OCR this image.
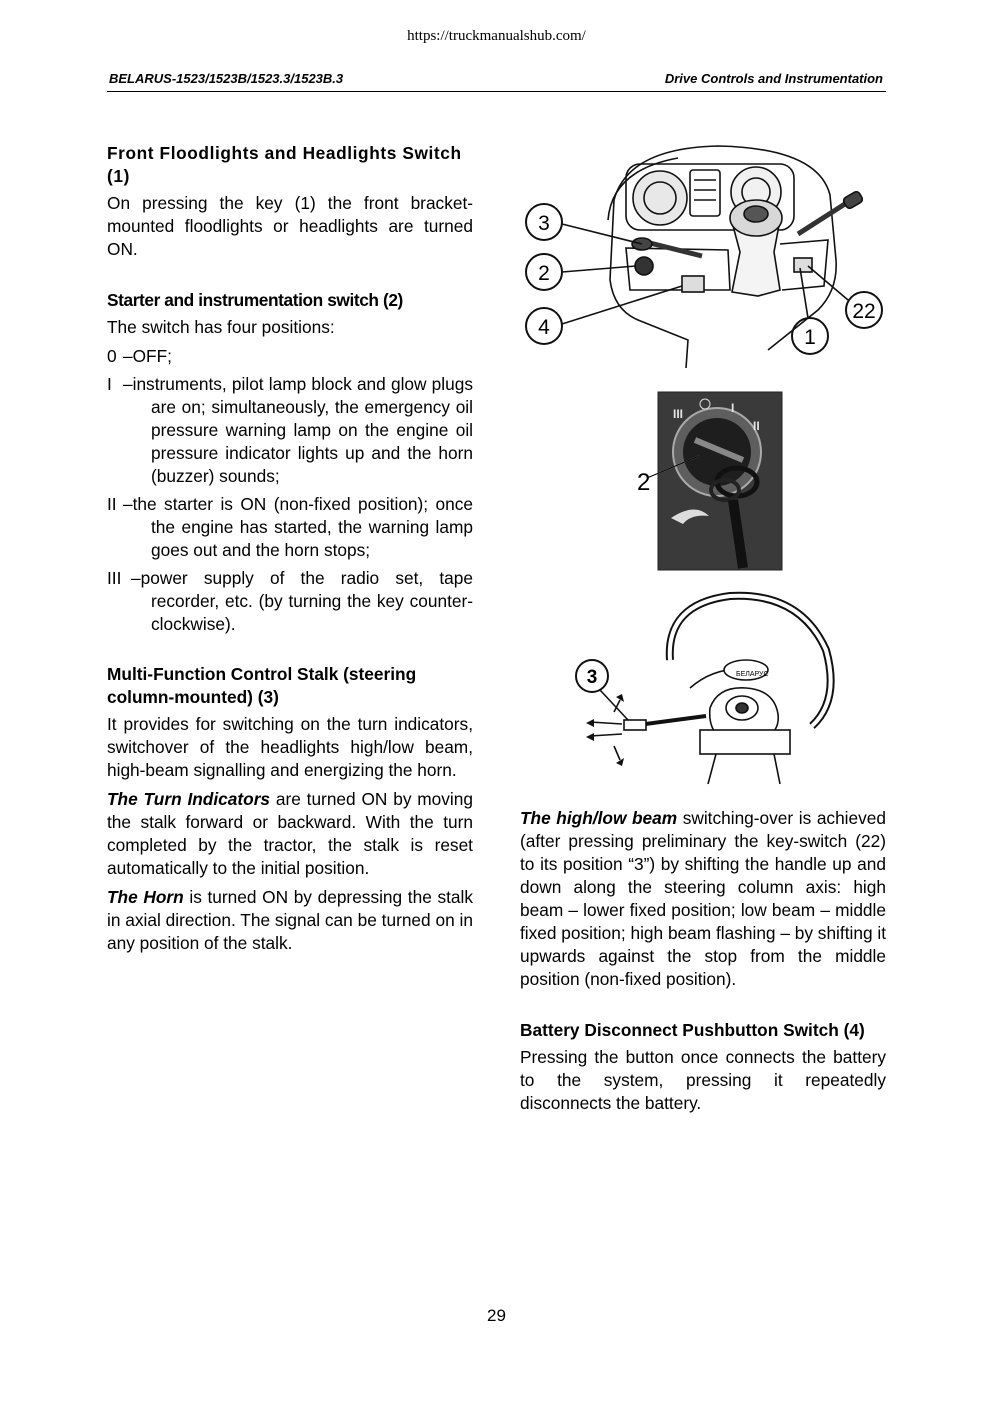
https://truckmanualshub.com/
BELARUS-1523/1523B/1523.3/1523B.3	Drive Controls and Instrumentation
Front Floodlights and Headlights Switch (1)

On pressing the key (1) the front bracket-mounted floodlights or headlights are turned ON.

Starter and instrumentation switch (2)

The switch has four positions:

0 –OFF;
I –instruments, pilot lamp block and glow plugs are on; simultaneously, the emergency oil pressure warning lamp on the engine oil pressure indicator lights up and the horn (buzzer) sounds;
II –the starter is ON (non-fixed position); once the engine has started, the warning lamp goes out and the horn stops;
III –power supply of the radio set, tape recorder, etc. (by turning the key counter-clockwise).
Multi-Function Control Stalk (steering column-mounted) (3)

It provides for switching on the turn indicators, switchover of the headlights high/low beam, high-beam signalling and energizing the horn.

The Turn Indicators are turned ON by moving the stalk forward or backward. With the turn completed by the tractor, the stalk is reset automatically to the initial position.

The Horn is turned ON by depressing the stalk in axial direction. The signal can be turned on in any position of the stalk.

The high/low beam switching-over is achieved (after pressing preliminary the key-switch (22) to its position “3”) by shifting the handle up and down along the steering column axis: high beam – lower fixed position; low beam – middle fixed position; high beam flashing – by shifting it upwards against the stop from the middle position (non-fixed position).

Battery Disconnect Pushbutton Switch (4)

Pressing the button once connects the battery to the system, pressing it repeatedly disconnects the battery.

3
2
4
22
1
III	I
II
2
БЕЛАРУС
3
29
